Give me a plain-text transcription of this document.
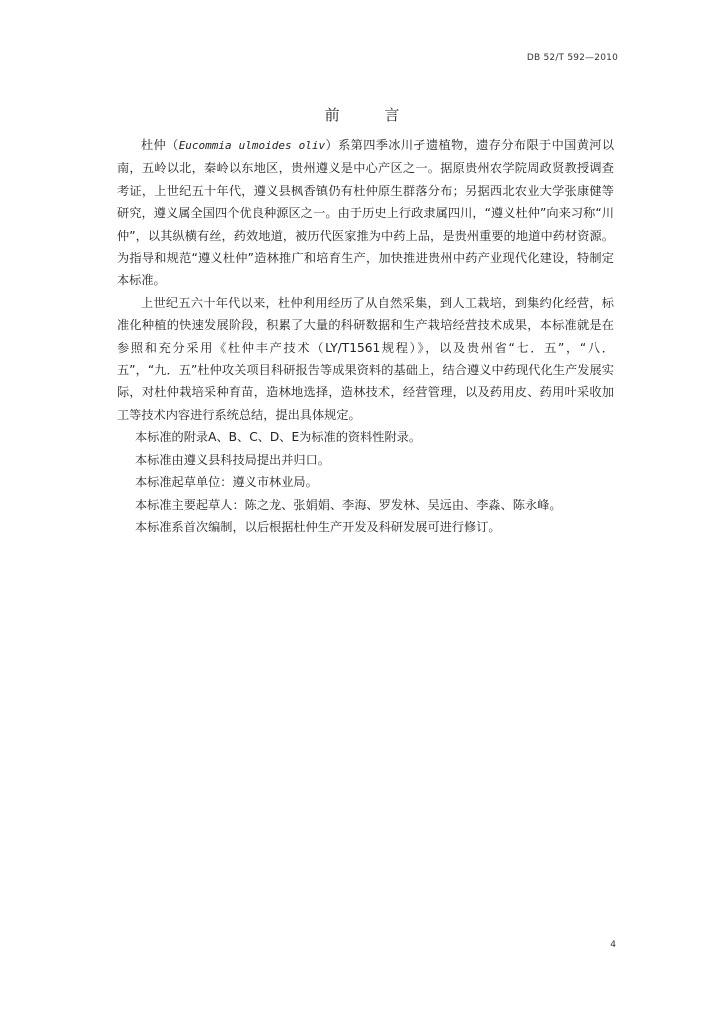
DB 52/T 592—2010
前 言

杜仲（Eucommia ulmoides oliv）系第四季冰川孑遗植物，遗存分布限于中国黄河以南，五岭以北，秦岭以东地区，贵州遵义是中心产区之一。据原贵州农学院周政贤教授调查考证，上世纪五十年代，遵义县枫香镇仍有杜仲原生群落分布；另据西北农业大学张康健等研究，遵义属全国四个优良种源区之一。由于历史上行政隶属四川，“遵义杜仲”向来习称“川仲”，以其纵横有丝，药效地道，被历代医家推为中药上品，是贵州重要的地道中药材资源。为指导和规范“遵义杜仲”造林推广和培育生产，加快推进贵州中药产业现代化建设，特制定本标准。

上世纪五六十年代以来，杜仲利用经历了从自然采集，到人工栽培，到集约化经营，标准化种植的快速发展阶段，积累了大量的科研数据和生产栽培经营技术成果，本标准就是在参照和充分采用《杜仲丰产技术（LY/T1561规程）》，以及贵州省“七．五”，“八．五”，“九．五”杜仲攻关项目科研报告等成果资料的基础上，结合遵义中药现代化生产发展实际，对杜仲栽培采种育苗，造林地选择，造林技术，经营管理，以及药用皮、药用叶采收加工等技术内容进行系统总结，提出具体规定。

本标准的附录A、B、C、D、E为标准的资料性附录。

本标准由遵义县科技局提出并归口。

本标准起草单位：遵义市林业局。

本标准主要起草人：陈之龙、张娟娟、李海、罗发林、吴远由、李淼、陈永峰。

本标准系首次编制，以后根据杜仲生产开发及科研发展可进行修订。

4
